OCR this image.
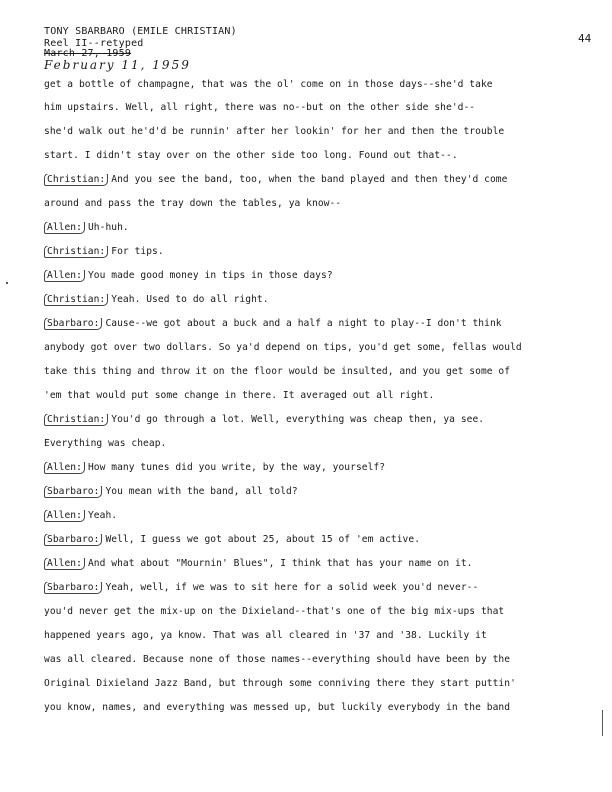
TONY SBARBARO (EMILE CHRISTIAN)
Reel II--retyped
March 27, 1959
February 11, 1959
44
get a bottle of champagne, that was the ol' come on in those days--she'd take
him upstairs. Well, all right, there was no--but on the other side she'd--
she'd walk out he'd'd be runnin' after her lookin' for her and then the trouble
start. I didn't stay over on the other side too long. Found out that--.
Christian: And you see the band, too, when the band played and then they'd come
around and pass the tray down the tables, ya know--
Allen: Uh-huh.
Christian: For tips.
Allen: You made good money in tips in those days?
Christian: Yeah. Used to do all right.
Sbarbaro: Cause--we got about a buck and a half a night to play--I don't think
anybody got over two dollars. So ya'd depend on tips, you'd get some, fellas would
take this thing and throw it on the floor would be insulted, and you get some of
'em that would put some change in there. It averaged out all right.
Christian: You'd go through a lot. Well, everything was cheap then, ya see.
Everything was cheap.
Allen: How many tunes did you write, by the way, yourself?
Sbarbaro: You mean with the band, all told?
Allen: Yeah.
Sbarbaro: Well, I guess we got about 25, about 15 of 'em active.
Allen: And what about "Mournin' Blues", I think that has your name on it.
Sbarbaro: Yeah, well, if we was to sit here for a solid week you'd never--
you'd never get the mix-up on the Dixieland--that's one of the big mix-ups that
happened years ago, ya know. That was all cleared in '37 and '38. Luckily it
was all cleared. Because none of those names--everything should have been by the
Original Dixieland Jazz Band, but through some conniving there they start puttin'
you know, names, and everything was messed up, but luckily everybody in the band
